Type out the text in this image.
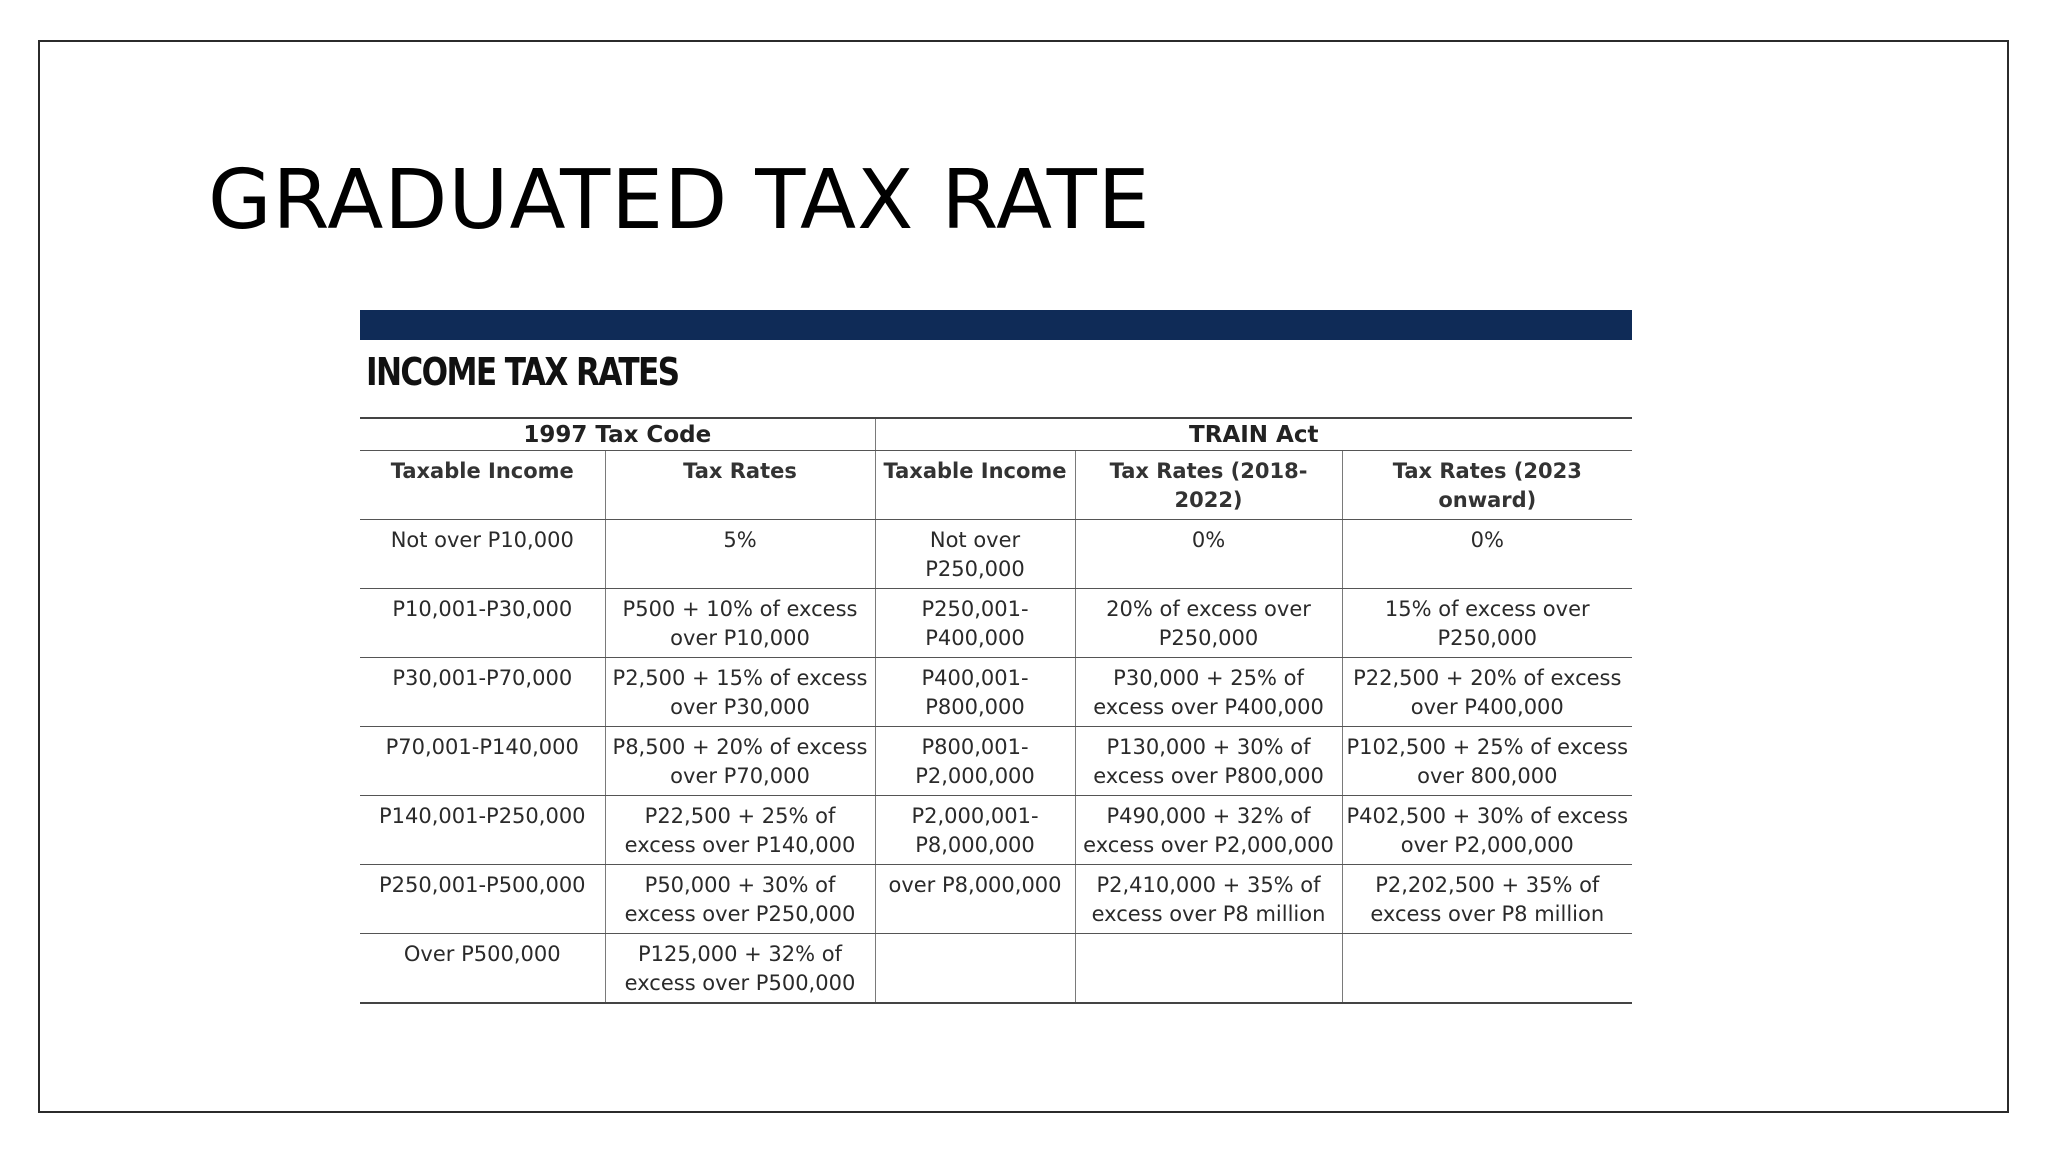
GRADUATED TAX RATE
INCOME TAX RATES
1997 Tax Code		TRAIN Act		
Taxable Income	Tax Rates	Taxable Income	Tax Rates (2018-2022)	Tax Rates (2023 onward)
Not over P10,000	5%	Not over P250,000	0%	0%
P10,001-P30,000	P500 + 10% of excess over P10,000	P250,001-P400,000	20% of excess over P250,000	15% of excess over P250,000
P30,001-P70,000	P2,500 + 15% of excess over P30,000	P400,001-P800,000	P30,000 + 25% of excess over P400,000	P22,500 + 20% of excess over P400,000
P70,001-P140,000	P8,500 + 20% of excess over P70,000	P800,001-P2,000,000	P130,000 + 30% of excess over P800,000	P102,500 + 25% of excess over 800,000
P140,001-P250,000	P22,500 + 25% of excess over P140,000	P2,000,001-P8,000,000	P490,000 + 32% of excess over P2,000,000	P402,500 + 30% of excess over P2,000,000
P250,001-P500,000	P50,000 + 30% of excess over P250,000	over P8,000,000	P2,410,000 + 35% of excess over P8 million	P2,202,500 + 35% of excess over P8 million
Over P500,000	P125,000 + 32% of excess over P500,000			
